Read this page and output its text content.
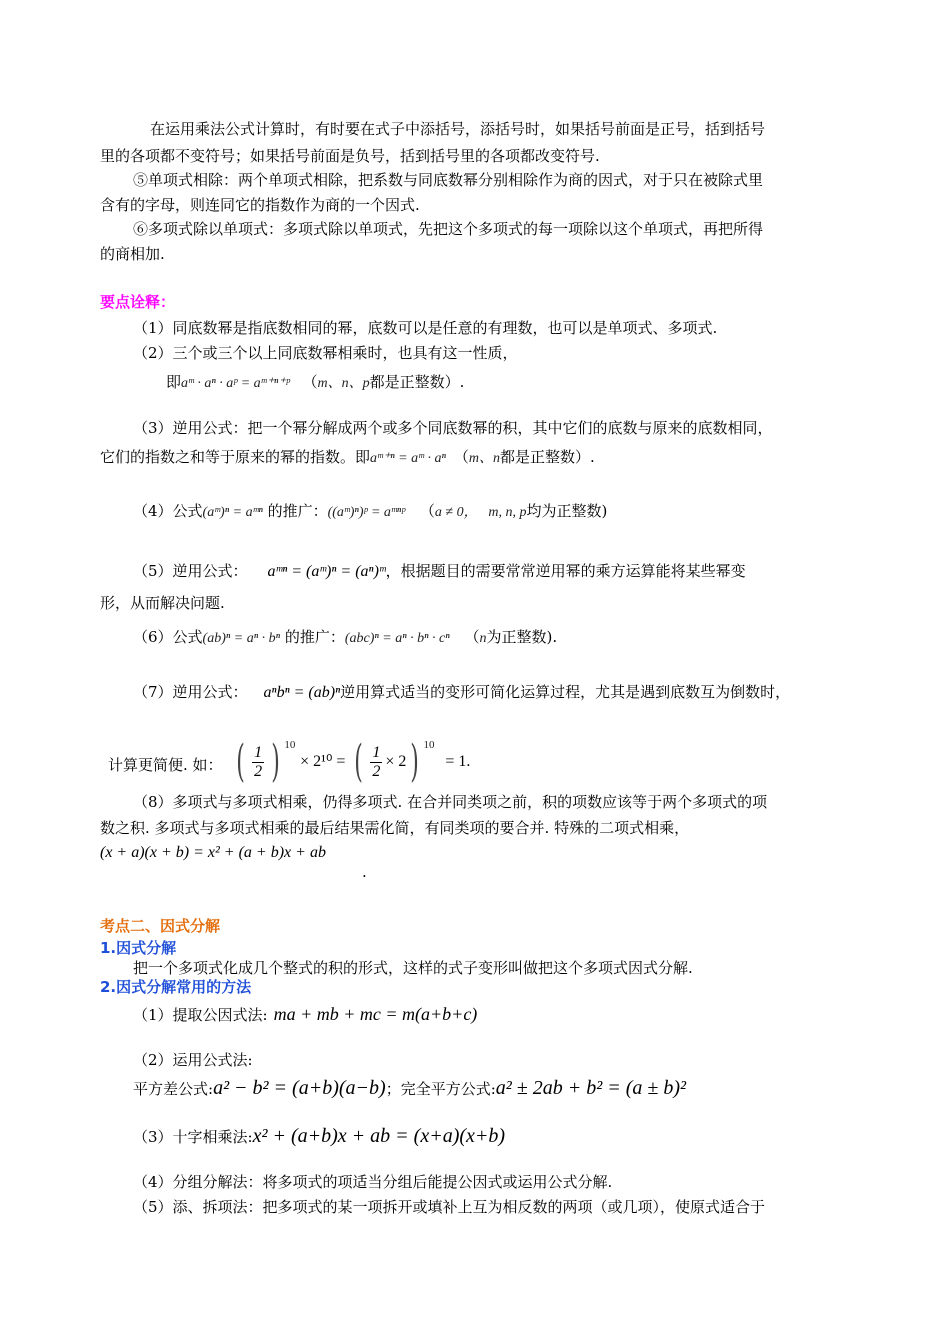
在运用乘法公式计算时，有时要在式子中添括号，添括号时，如果括号前面是正号，括到括号
里的各项都不变符号；如果括号前面是负号，括到括号里的各项都改变符号.
⑤单项式相除：两个单项式相除，把系数与同底数幂分别相除作为商的因式，对于只在被除式里
含有的字母，则连同它的指数作为商的一个因式.
⑥多项式除以单项式：多项式除以单项式，先把这个多项式的每一项除以这个单项式，再把所得
的商相加.
要点诠释：
（1）同底数幂是指底数相同的幂，底数可以是任意的有理数，也可以是单项式、多项式.
（2）三个或三个以上同底数幂相乘时，也具有这一性质，
即aᵐ · aⁿ · aᵖ = aᵐ⁺ⁿ⁺ᵖ （m、n、p都是正整数）.
（3）逆用公式：把一个幂分解成两个或多个同底数幂的积，其中它们的底数与原来的底数相同，
它们的指数之和等于原来的幂的指数。即aᵐ⁺ⁿ = aᵐ · aⁿ （m、n都是正整数）.
（4）公式(aᵐ)ⁿ = aᵐⁿ 的推广：((aᵐ)ⁿ)ᵖ = aᵐⁿᵖ （a ≠ 0， m, n, p均为正整数)
（5）逆用公式： aᵐⁿ = (aᵐ)ⁿ = (aⁿ)ᵐ，根据题目的需要常常逆用幂的乘方运算能将某些幂变
形，从而解决问题.
（6）公式(ab)ⁿ = aⁿ · bⁿ 的推广：(abc)ⁿ = aⁿ · bⁿ · cⁿ （n为正整数).
（7）逆用公式： aⁿbⁿ = (ab)ⁿ逆用算式适当的变形可简化运算过程，尤其是遇到底数互为倒数时，
计算更简便. 如： ( $\frac{1}{2}$ ) $^{10}$ × 2¹⁰ = ( $\frac{1}{2} \times 2$) $^{10}$ = 1.
（8）多项式与多项式相乘，仍得多项式. 在合并同类项之前，积的项数应该等于两个多项式的项
数之积. 多项式与多项式相乘的最后结果需化简，有同类项的要合并. 特殊的二项式相乘，
(x + a)(x + b) = x² + (a + b)x + ab
.
考点二、因式分解
1.因式分解
把一个多项式化成几个整式的积的形式，这样的式子变形叫做把这个多项式因式分解.
2.因式分解常用的方法
（1）提取公因式法: ma + mb + mc = m(a+b+c)
（2）运用公式法:
平方差公式:a² − b² = (a+b)(a−b)；完全平方公式:a² ± 2ab + b² = (a ± b)²
（3）十字相乘法:x² + (a+b)x + ab = (x+a)(x+b)
（4）分组分解法：将多项式的项适当分组后能提公因式或运用公式分解.
（5）添、拆项法：把多项式的某一项拆开或填补上互为相反数的两项（或几项），使原式适合于
